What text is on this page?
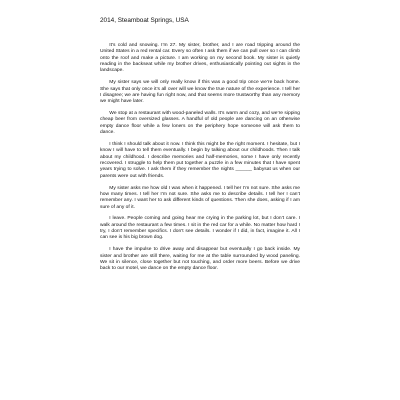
2014, Steamboat Springs, USA

It’s cold and snowing. I’m 27. My sister, brother, and I are road tripping around the United States in a red rental car. Every so often I ask them if we can pull over so I can climb onto the roof and make a picture. I am working on my second book. My sister is quietly reading in the backseat while my brother drives, enthusiastically pointing out sights in the landscape.

My sister says we will only really know if this was a good trip once we’re back home. She says that only once it’s all over will we know the true nature of the experience. I tell her I disagree; we are having fun right now, and that seems more trustworthy than any memory we might have later.

We stop at a restaurant with wood-paneled walls. It’s warm and cozy, and we’re sipping cheap beer from oversized glasses. A handful of old people are dancing on an otherwise empty dance floor while a few loners on the periphery hope someone will ask them to dance.

I think I should talk about it now. I think this might be the right moment. I hesitate, but I know I will have to tell them eventually. I begin by talking about our childhoods. Then I talk about my childhood. I describe memories and half-memories, some I have only recently recovered. I struggle to help them put together a puzzle in a few minutes that I have spent years trying to solve. I ask them if they remember the nights ______ babysat us when our parents were out with friends.

My sister asks me how old I was when it happened. I tell her I’m not sure. She asks me how many times. I tell her I’m not sure. She asks me to describe details. I tell her I can’t remember any. I want her to ask different kinds of questions. Then she does, asking if I am sure of any of it.

I leave. People coming and going hear me crying in the parking lot, but I don’t care. I walk around the restaurant a few times. I sit in the red car for a while. No matter how hard I try, I don’t remember specifics. I don’t see details. I wonder if I did, in fact, imagine it. All I can see is his big brown dog.

I have the impulse to drive away and disappear but eventually I go back inside. My sister and brother are still there, waiting for me at the table surrounded by wood paneling. We sit in silence, close together but not touching, and order more beers. Before we drive back to our motel, we dance on the empty dance floor.
